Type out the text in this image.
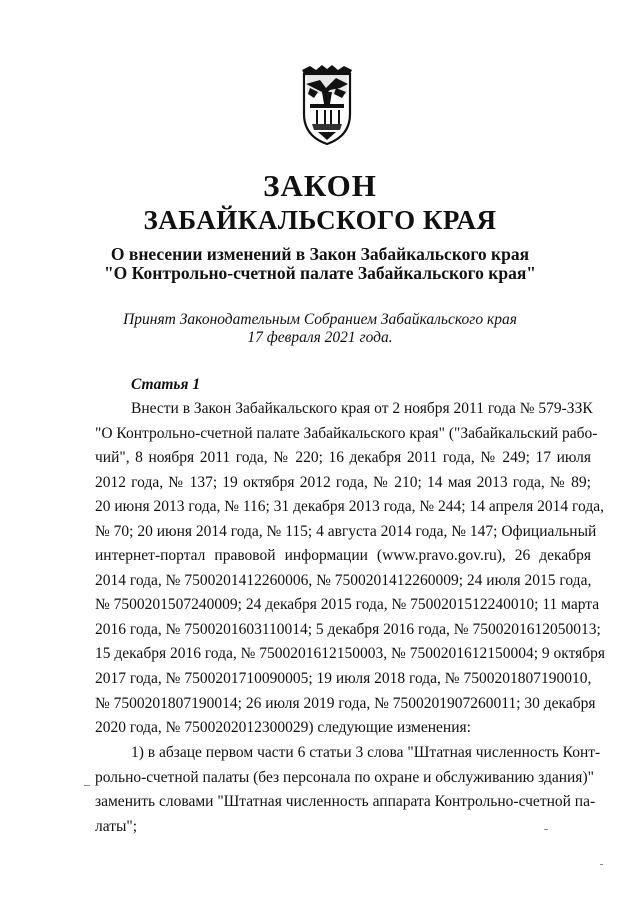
ЗАКОН
ЗАБАЙКАЛЬСКОГО КРАЯ
О внесении изменений в Закон Забайкальского края
"О Контрольно-счетной палате Забайкальского края"
Принят Законодательным Собранием Забайкальского края
17 февраля 2021 года.
Статья 1
Внести в Закон Забайкальского края от 2 ноября 2011 года № 579-ЗЗК
"О Контрольно-счетной палате Забайкальского края" ("Забайкальский рабо-
чий", 8 ноября 2011 года, № 220; 16 декабря 2011 года, № 249; 17 июля
2012 года, № 137; 19 октября 2012 года, № 210; 14 мая 2013 года, № 89;
20 июня 2013 года, № 116; 31 декабря 2013 года, № 244; 14 апреля 2014 года,
№ 70; 20 июня 2014 года, № 115; 4 августа 2014 года, № 147; Официальный
интернет-портал правовой информации (www.pravo.gov.ru), 26 декабря
2014 года, № 7500201412260006, № 7500201412260009; 24 июля 2015 года,
№ 7500201507240009; 24 декабря 2015 года, № 7500201512240010; 11 марта
2016 года, № 7500201603110014; 5 декабря 2016 года, № 7500201612050013;
15 декабря 2016 года, № 7500201612150003, № 7500201612150004; 9 октября
2017 года, № 7500201710090005; 19 июля 2018 года, № 7500201807190010,
№ 7500201807190014; 26 июля 2019 года, № 7500201907260011; 30 декабря
2020 года, № 7500202012300029) следующие изменения:
1) в абзаце первом части 6 статьи 3 слова "Штатная численность Конт-
рольно-счетной палаты (без персонала по охране и обслуживанию здания)"
заменить словами "Штатная численность аппарата Контрольно-счетной па-
латы";
